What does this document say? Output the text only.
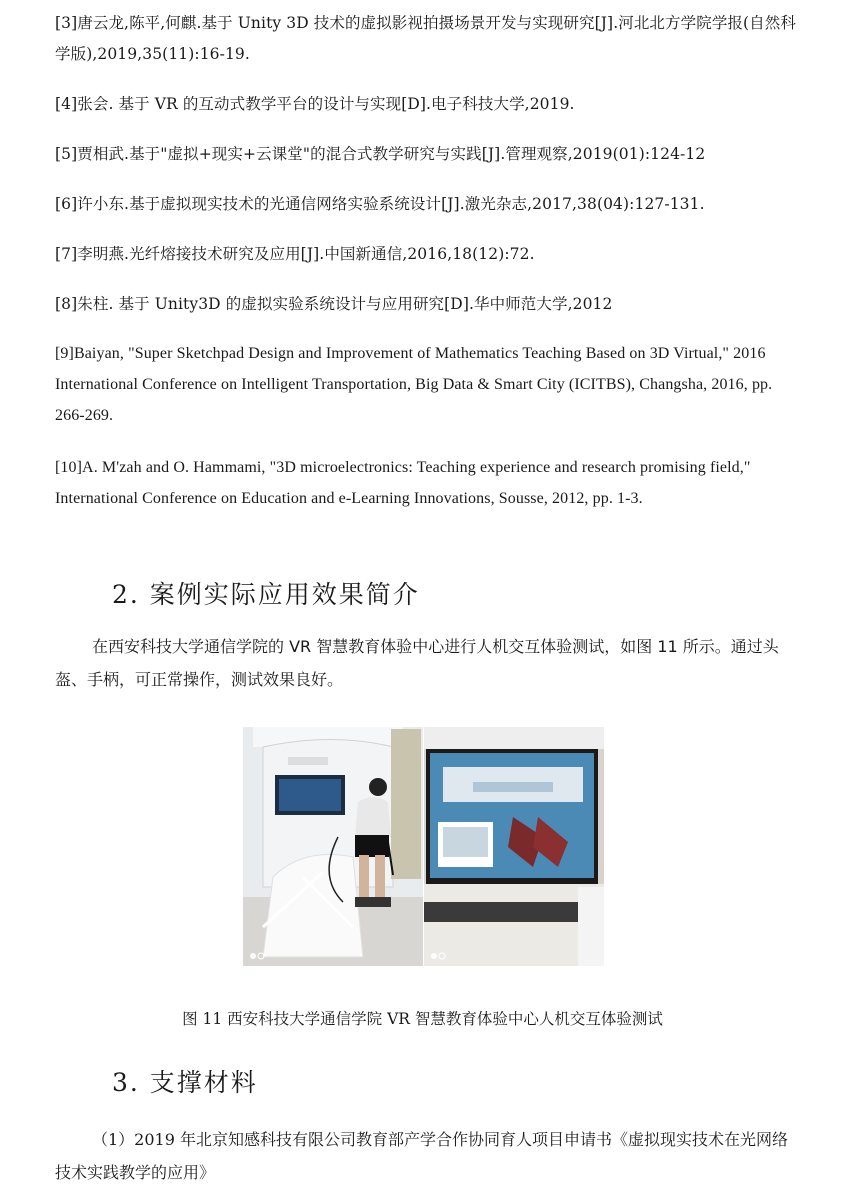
[3]唐云龙,陈平,何麒.基于 Unity 3D 技术的虚拟影视拍摄场景开发与实现研究[J].河北北方学院学报(自然科学版),2019,35(11):16-19.
[4]张会. 基于 VR 的互动式教学平台的设计与实现[D].电子科技大学,2019.
[5]贾相武.基于"虚拟+现实+云课堂"的混合式教学研究与实践[J].管理观察,2019(01):124-12
[6]许小东.基于虚拟现实技术的光通信网络实验系统设计[J].激光杂志,2017,38(04):127-131.
[7]李明燕.光纤熔接技术研究及应用[J].中国新通信,2016,18(12):72.
[8]朱柱. 基于 Unity3D 的虚拟实验系统设计与应用研究[D].华中师范大学,2012
[9]Baiyan, "Super Sketchpad Design and Improvement of Mathematics Teaching Based on 3D Virtual," 2016 International Conference on Intelligent Transportation, Big Data & Smart City (ICITBS), Changsha, 2016, pp. 266-269.
[10]A. M'zah and O. Hammami, "3D microelectronics: Teaching experience and research promising field," International Conference on Education and e-Learning Innovations, Sousse, 2012, pp. 1-3.
2. 案例实际应用效果简介

在西安科技大学通信学院的 VR 智慧教育体验中心进行人机交互体验测试，如图 11 所示。通过头盔、手柄，可正常操作，测试效果良好。

图 11 西安科技大学通信学院 VR 智慧教育体验中心人机交互体验测试
3. 支撑材料

（1）2019 年北京知感科技有限公司教育部产学合作协同育人项目申请书《虚拟现实技术在光网络技术实践教学的应用》
